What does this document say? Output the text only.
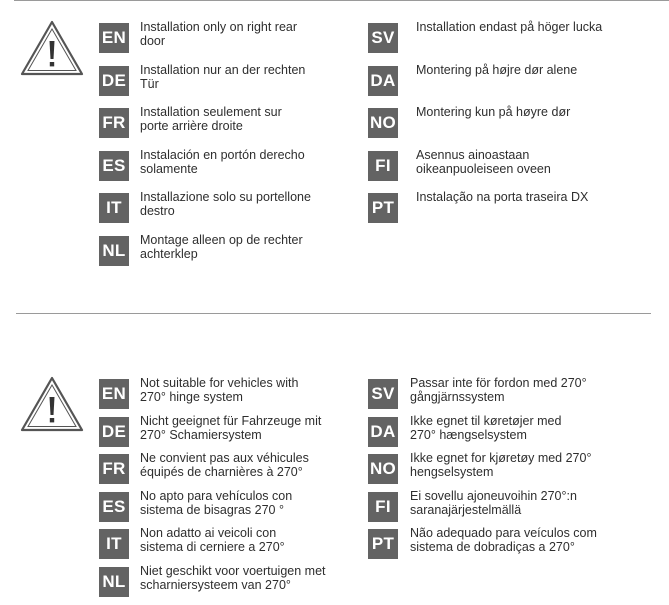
EN
Installation only on right rear
door
DE
Installation nur an der rechten
Tür
FR
Installation seulement sur
porte arrière droite
ES
Instalación en portón derecho
solamente
IT
Installazione solo su portellone
destro
NL
Montage alleen op de rechter
achterklep
SV
Installation endast på höger lucka
DA
Montering på højre dør alene
NO
Montering kun på høyre dør
FI
Asennus ainoastaan
oikeanpuoleiseen oveen
PT
Instalação na porta traseira DX
EN
Not suitable for vehicles with
270° hinge system
DE
Nicht geeignet für Fahrzeuge mit
270° Schamiersystem
FR
Ne convient pas aux véhicules
équipés de charnières à 270°
ES
No apto para vehículos con
sistema de bisagras 270 °
IT
Non adatto ai veicoli con
sistema di cerniere a 270°
NL
Niet geschikt voor voertuigen met
scharniersysteem van 270°
SV
Passar inte för fordon med 270°
gångjärnssystem
DA
Ikke egnet til køretøjer med
270° hængselsystem
NO
Ikke egnet for kjøretøy med 270°
hengselsystem
FI
Ei sovellu ajoneuvoihin 270°:n
saranajärjestelmällä
PT
Não adequado para veículos com
sistema de dobradiças a 270°
